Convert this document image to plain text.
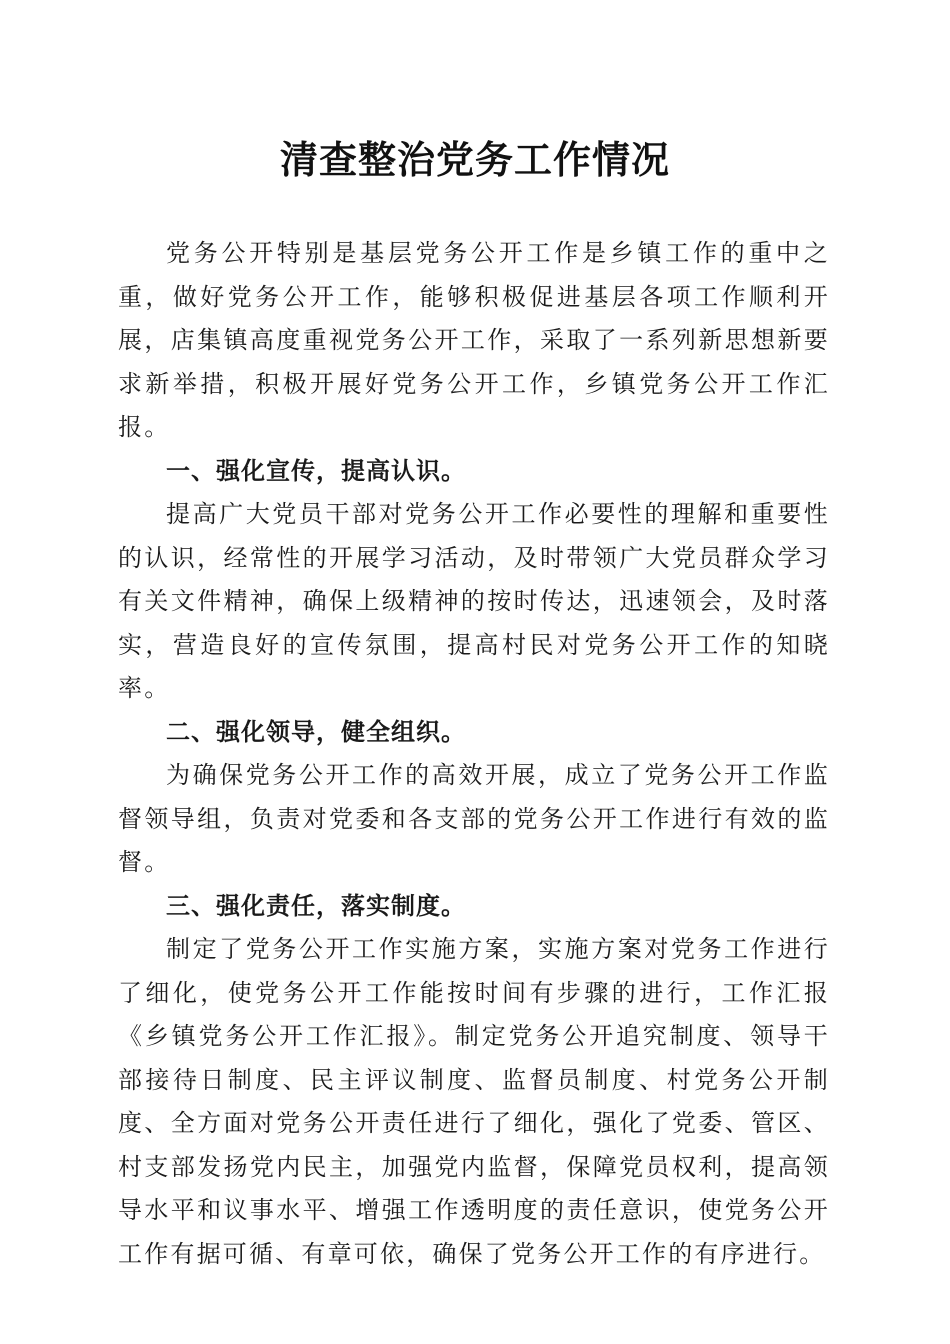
清查整治党务工作情况

党务公开特别是基层党务公开工作是乡镇工作的重中之重，做好党务公开工作，能够积极促进基层各项工作顺利开展，店集镇高度重视党务公开工作，采取了一系列新思想新要求新举措，积极开展好党务公开工作，乡镇党务公开工作汇报。

一、强化宣传，提高认识。

提高广大党员干部对党务公开工作必要性的理解和重要性的认识，经常性的开展学习活动，及时带领广大党员群众学习有关文件精神，确保上级精神的按时传达，迅速领会，及时落实，营造良好的宣传氛围，提高村民对党务公开工作的知晓率。

二、强化领导，健全组织。

为确保党务公开工作的高效开展，成立了党务公开工作监督领导组，负责对党委和各支部的党务公开工作进行有效的监督。

三、强化责任，落实制度。

制定了党务公开工作实施方案，实施方案对党务工作进行了细化，使党务公开工作能按时间有步骤的进行，工作汇报《乡镇党务公开工作汇报》。制定党务公开追究制度、领导干部接待日制度、民主评议制度、监督员制度、村党务公开制度、全方面对党务公开责任进行了细化，强化了党委、管区、村支部发扬党内民主，加强党内监督，保障党员权利，提高领导水平和议事水平、增强工作透明度的责任意识，使党务公开工作有据可循、有章可依，确保了党务公开工作的有序进行。
